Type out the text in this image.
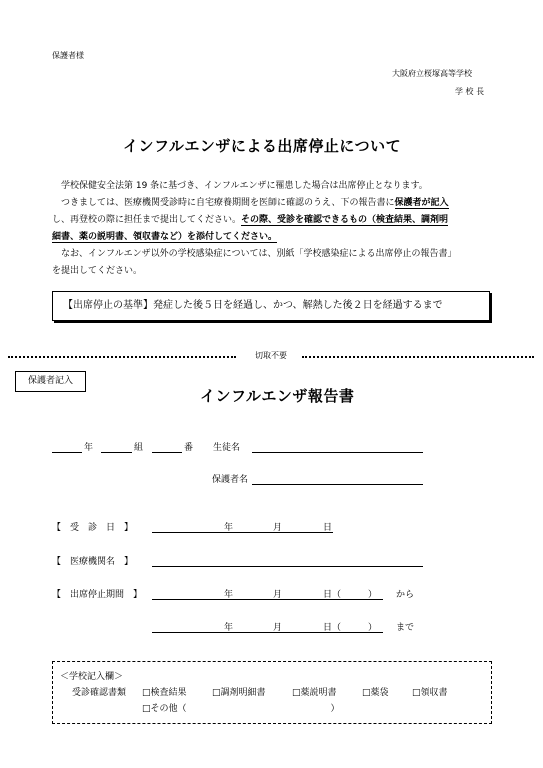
保護者様
大阪府立桜塚高等学校
学 校 長
インフルエンザによる出席停止について

学校保健安全法第 19 条に基づき、インフルエンザに罹患した場合は出席停止となります。

つきましては、医療機関受診時に自宅療養期間を医師に確認のうえ、下の報告書に保護者が記入

し、再登校の際に担任まで提出してください。その際、受診を確認できるもの（検査結果、調剤明

細書、薬の説明書、領収書など）を添付してください。

なお、インフルエンザ以外の学校感染症については、別紙「学校感染症による出席停止の報告書」

を提出してください。

【出席停止の基準】発症した後５日を経過し、かつ、解熱した後２日を経過するまで
切取不要
保護者記入
インフルエンザ報告書
年	組	番 生徒名
保護者名
【　受　診　日　】	年	月	日
【　医療機関名　】
【　出席停止期間　】	年	月	日（　　　） から
年	月	日（　　　） まで
＜学校記入欄＞
受診確認書類 □検査結果	□調剤明細書	□薬説明書	□薬袋	□領収書
□その他（　　　　　　　　　　　　　　　　）
